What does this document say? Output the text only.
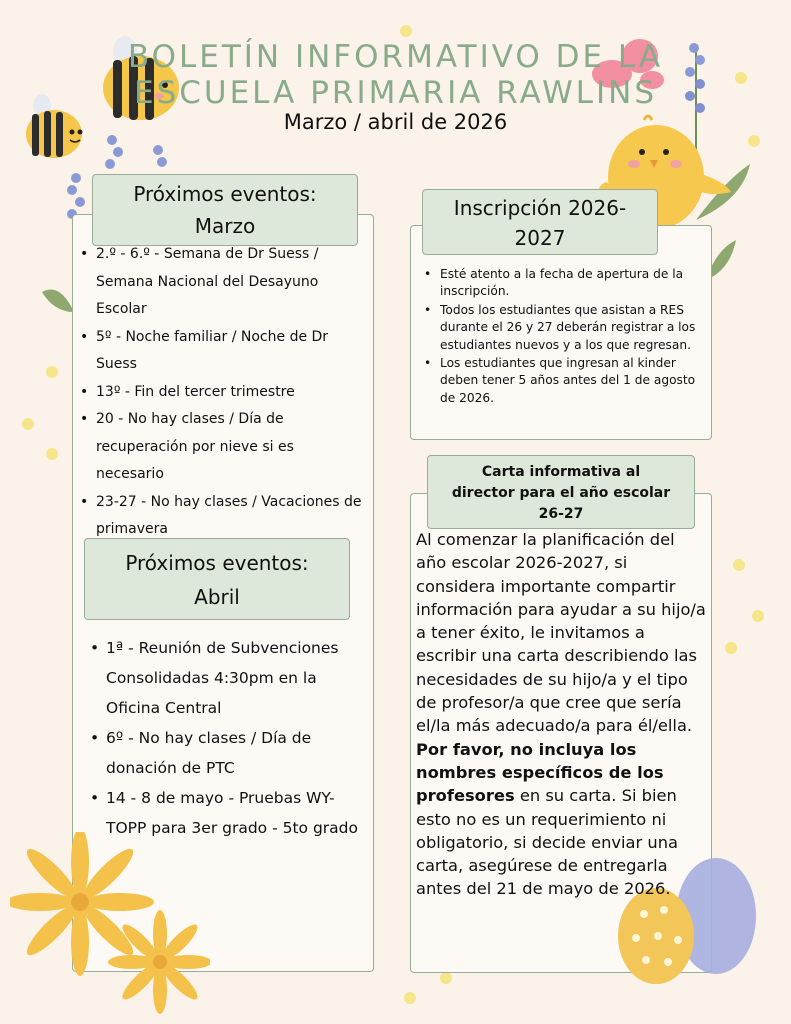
BOLETÍN INFORMATIVO DE LA
ESCUELA PRIMARIA RAWLINS
Marzo / abril de 2026
Próximos eventos:
Marzo
• 2.º - 6.º - Semana de Dr Suess / Semana Nacional del Desayuno Escolar
• 5º - Noche familiar / Noche de Dr Suess
• 13º - Fin del tercer trimestre
• 20 - No hay clases / Día de recuperación por nieve si es necesario
• 23-27 - No hay clases / Vacaciones de primavera
Próximos eventos:
Abril
• 1ª - Reunión de Subvenciones Consolidadas 4:30pm en la Oficina Central
• 6º - No hay clases / Día de donación de PTC
• 14 - 8 de mayo - Pruebas WY-TOPP para 3er grado - 5to grado
Inscripción 2026-
2027
• Esté atento a la fecha de apertura de la inscripción.
• Todos los estudiantes que asistan a RES durante el 26 y 27 deberán registrar a los estudiantes nuevos y a los que regresan.
• Los estudiantes que ingresan al kinder deben tener 5 años antes del 1 de agosto de 2026.
Carta informativa al
director para el año escolar
26-27
Al comenzar la planificación del año escolar 2026-2027, si considera importante compartir información para ayudar a su hijo/a a tener éxito, le invitamos a escribir una carta describiendo las necesidades de su hijo/a y el tipo de profesor/a que cree que sería el/la más adecuado/a para él/ella. Por favor, no incluya los nombres específicos de los profesores en su carta. Si bien esto no es un requerimiento ni obligatorio, si decide enviar una carta, asegúrese de entregarla antes del 21 de mayo de 2026.
